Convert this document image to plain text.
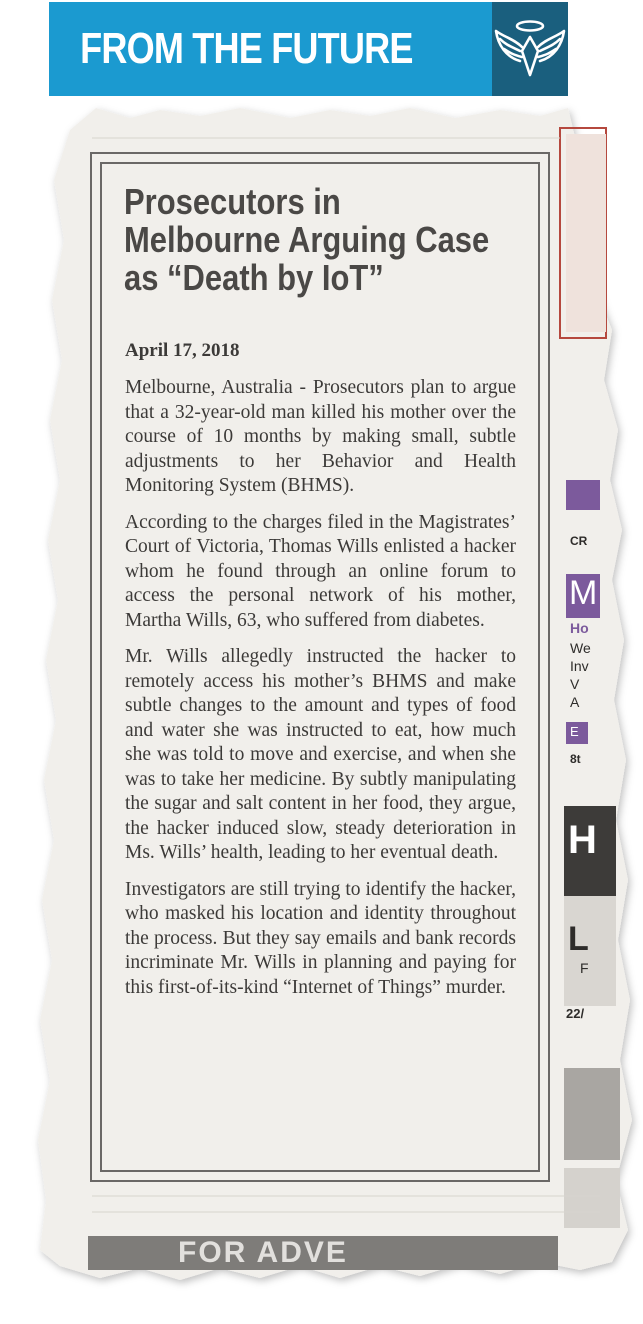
FROM THE FUTURE
CR
M
Ho
We
Inv
V
A
E
8t
H
L
F
22/
Prosecutors in
Melbourne Arguing Case
as “Death by IoT”
April 17, 2018

Melbourne, Australia - Prosecutors plan to argue that a 32-year-old man killed his mother over the course of 10 months by making small, subtle adjustments to her Behavior and Health Monitoring System (BHMS).

According to the charges filed in the Magistrates’ Court of Victoria, Thomas Wills enlisted a hacker whom he found through an online forum to access the personal network of his mother, Martha Wills, 63, who suffered from diabetes.

Mr. Wills allegedly instructed the hacker to remotely access his mother’s BHMS and make subtle changes to the amount and types of food and water she was instructed to eat, how much she was told to move and exercise, and when she was to take her medicine. By subtly manipulating the sugar and salt content in her food, they argue, the hacker induced slow, steady deterioration in Ms. Wills’ health, leading to her eventual death.

Investigators are still trying to identify the hacker, who masked his location and identity throughout the process. But they say emails and bank records incriminate Mr. Wills in planning and paying for this first-of-its-kind “Internet of Things” murder.

FOR ADVE
